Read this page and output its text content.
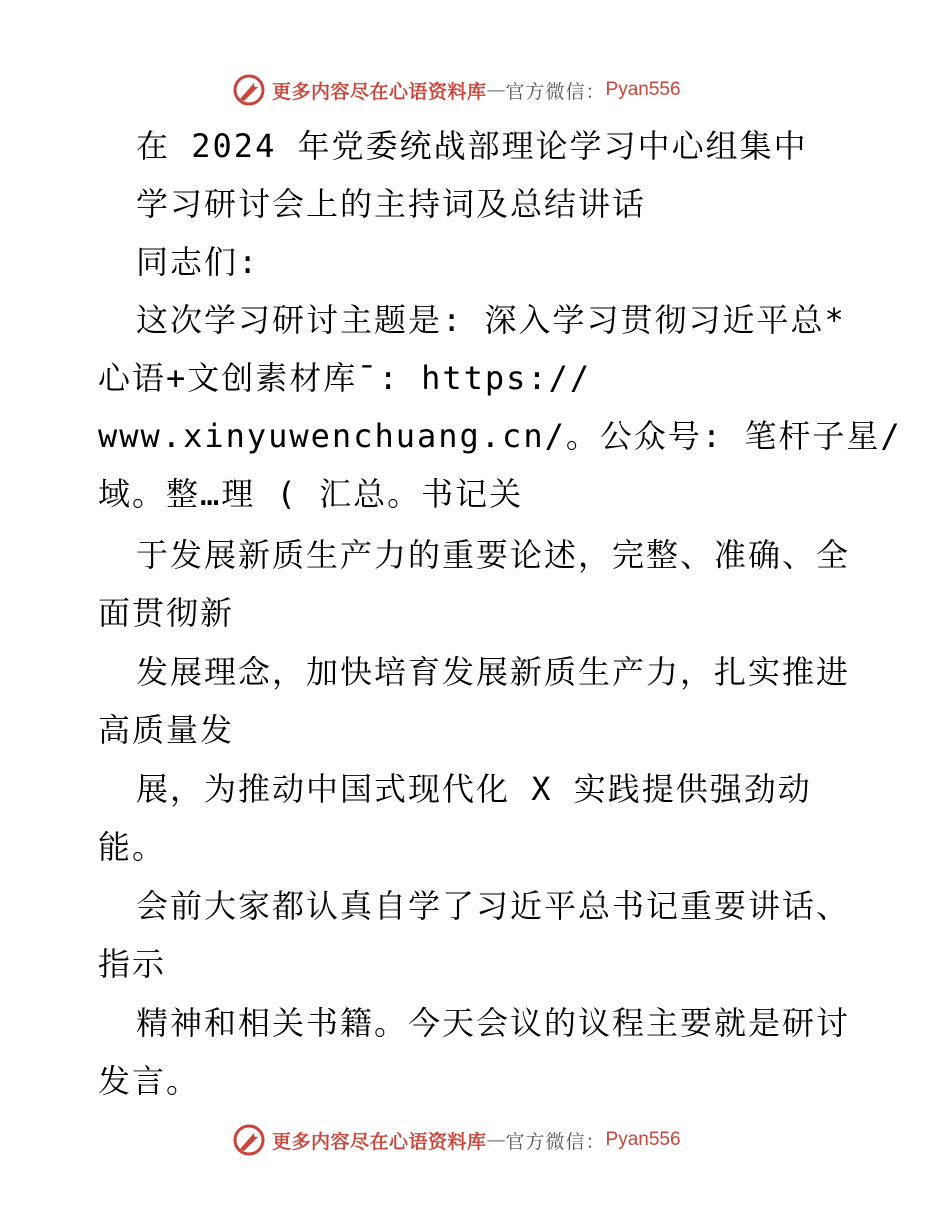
更多内容尽在心语资料库 — 官方微信： Pyan556
在 2024 年党委统战部理论学习中心组集中
学习研讨会上的主持词及总结讲话
同志们:
这次学习研讨主题是: 深入学习贯彻习近平总*
心语+文创素材库¯: https://
www.xinyuwenchuang.cn/。公众号: 笔杆子星/
域。整…理 ( 汇总。书记关
于发展新质生产力的重要论述，完整、准确、全
面贯彻新
发展理念，加快培育发展新质生产力，扎实推进
高质量发
展，为推动中国式现代化 X 实践提供强劲动
能。
会前大家都认真自学了习近平总书记重要讲话、
指示
精神和相关书籍。今天会议的议程主要就是研讨
发言。
更多内容尽在心语资料库 — 官方微信： Pyan556
